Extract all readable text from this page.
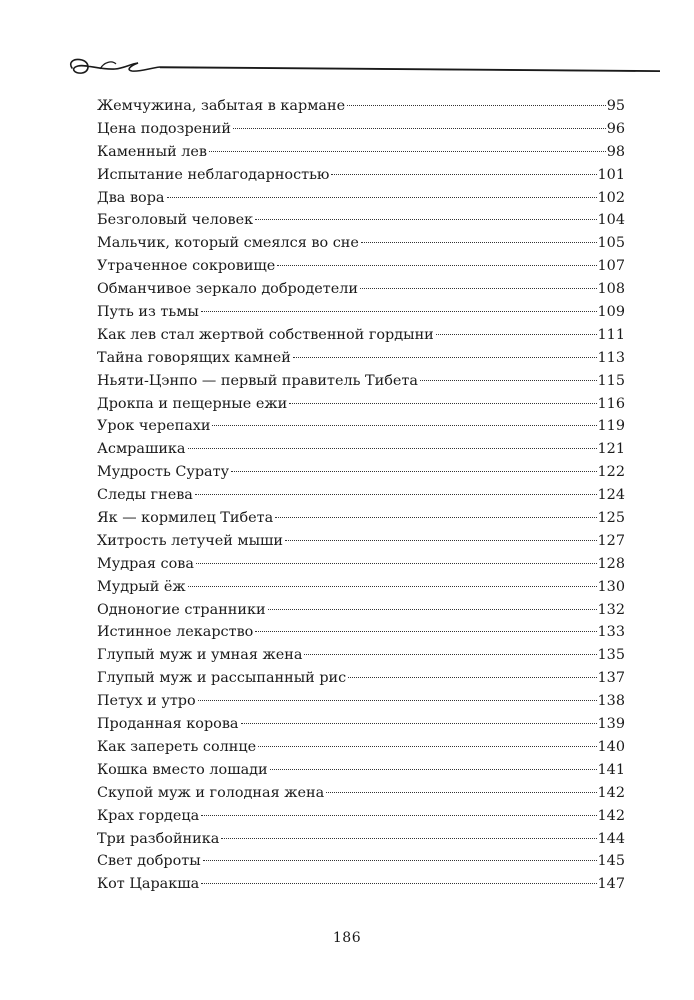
Жемчужина, забытая в кармане	95
Цена подозрений	96
Каменный лев	98
Испытание неблагодарностью	101
Два вора	102
Безголовый человек	104
Мальчик, который смеялся во сне	105
Утраченное сокровище	107
Обманчивое зеркало добродетели	108
Путь из тьмы	109
Как лев стал жертвой собственной гордыни	111
Тайна говорящих камней	113
Ньяти-Цэнпо — первый правитель Тибета	115
Дрокпа и пещерные ежи	116
Урок черепахи	119
Асмрашика	121
Мудрость Сурату	122
Следы гнева	124
Як — кормилец Тибета	125
Хитрость летучей мыши	127
Мудрая сова	128
Мудрый ёж	130
Одноногие странники	132
Истинное лекарство	133
Глупый муж и умная жена	135
Глупый муж и рассыпанный рис	137
Петух и утро	138
Проданная корова	139
Как запереть солнце	140
Кошка вместо лошади	141
Скупой муж и голодная жена	142
Крах гордеца	142
Три разбойника	144
Свет доброты	145
Кот Царакша	147
186
